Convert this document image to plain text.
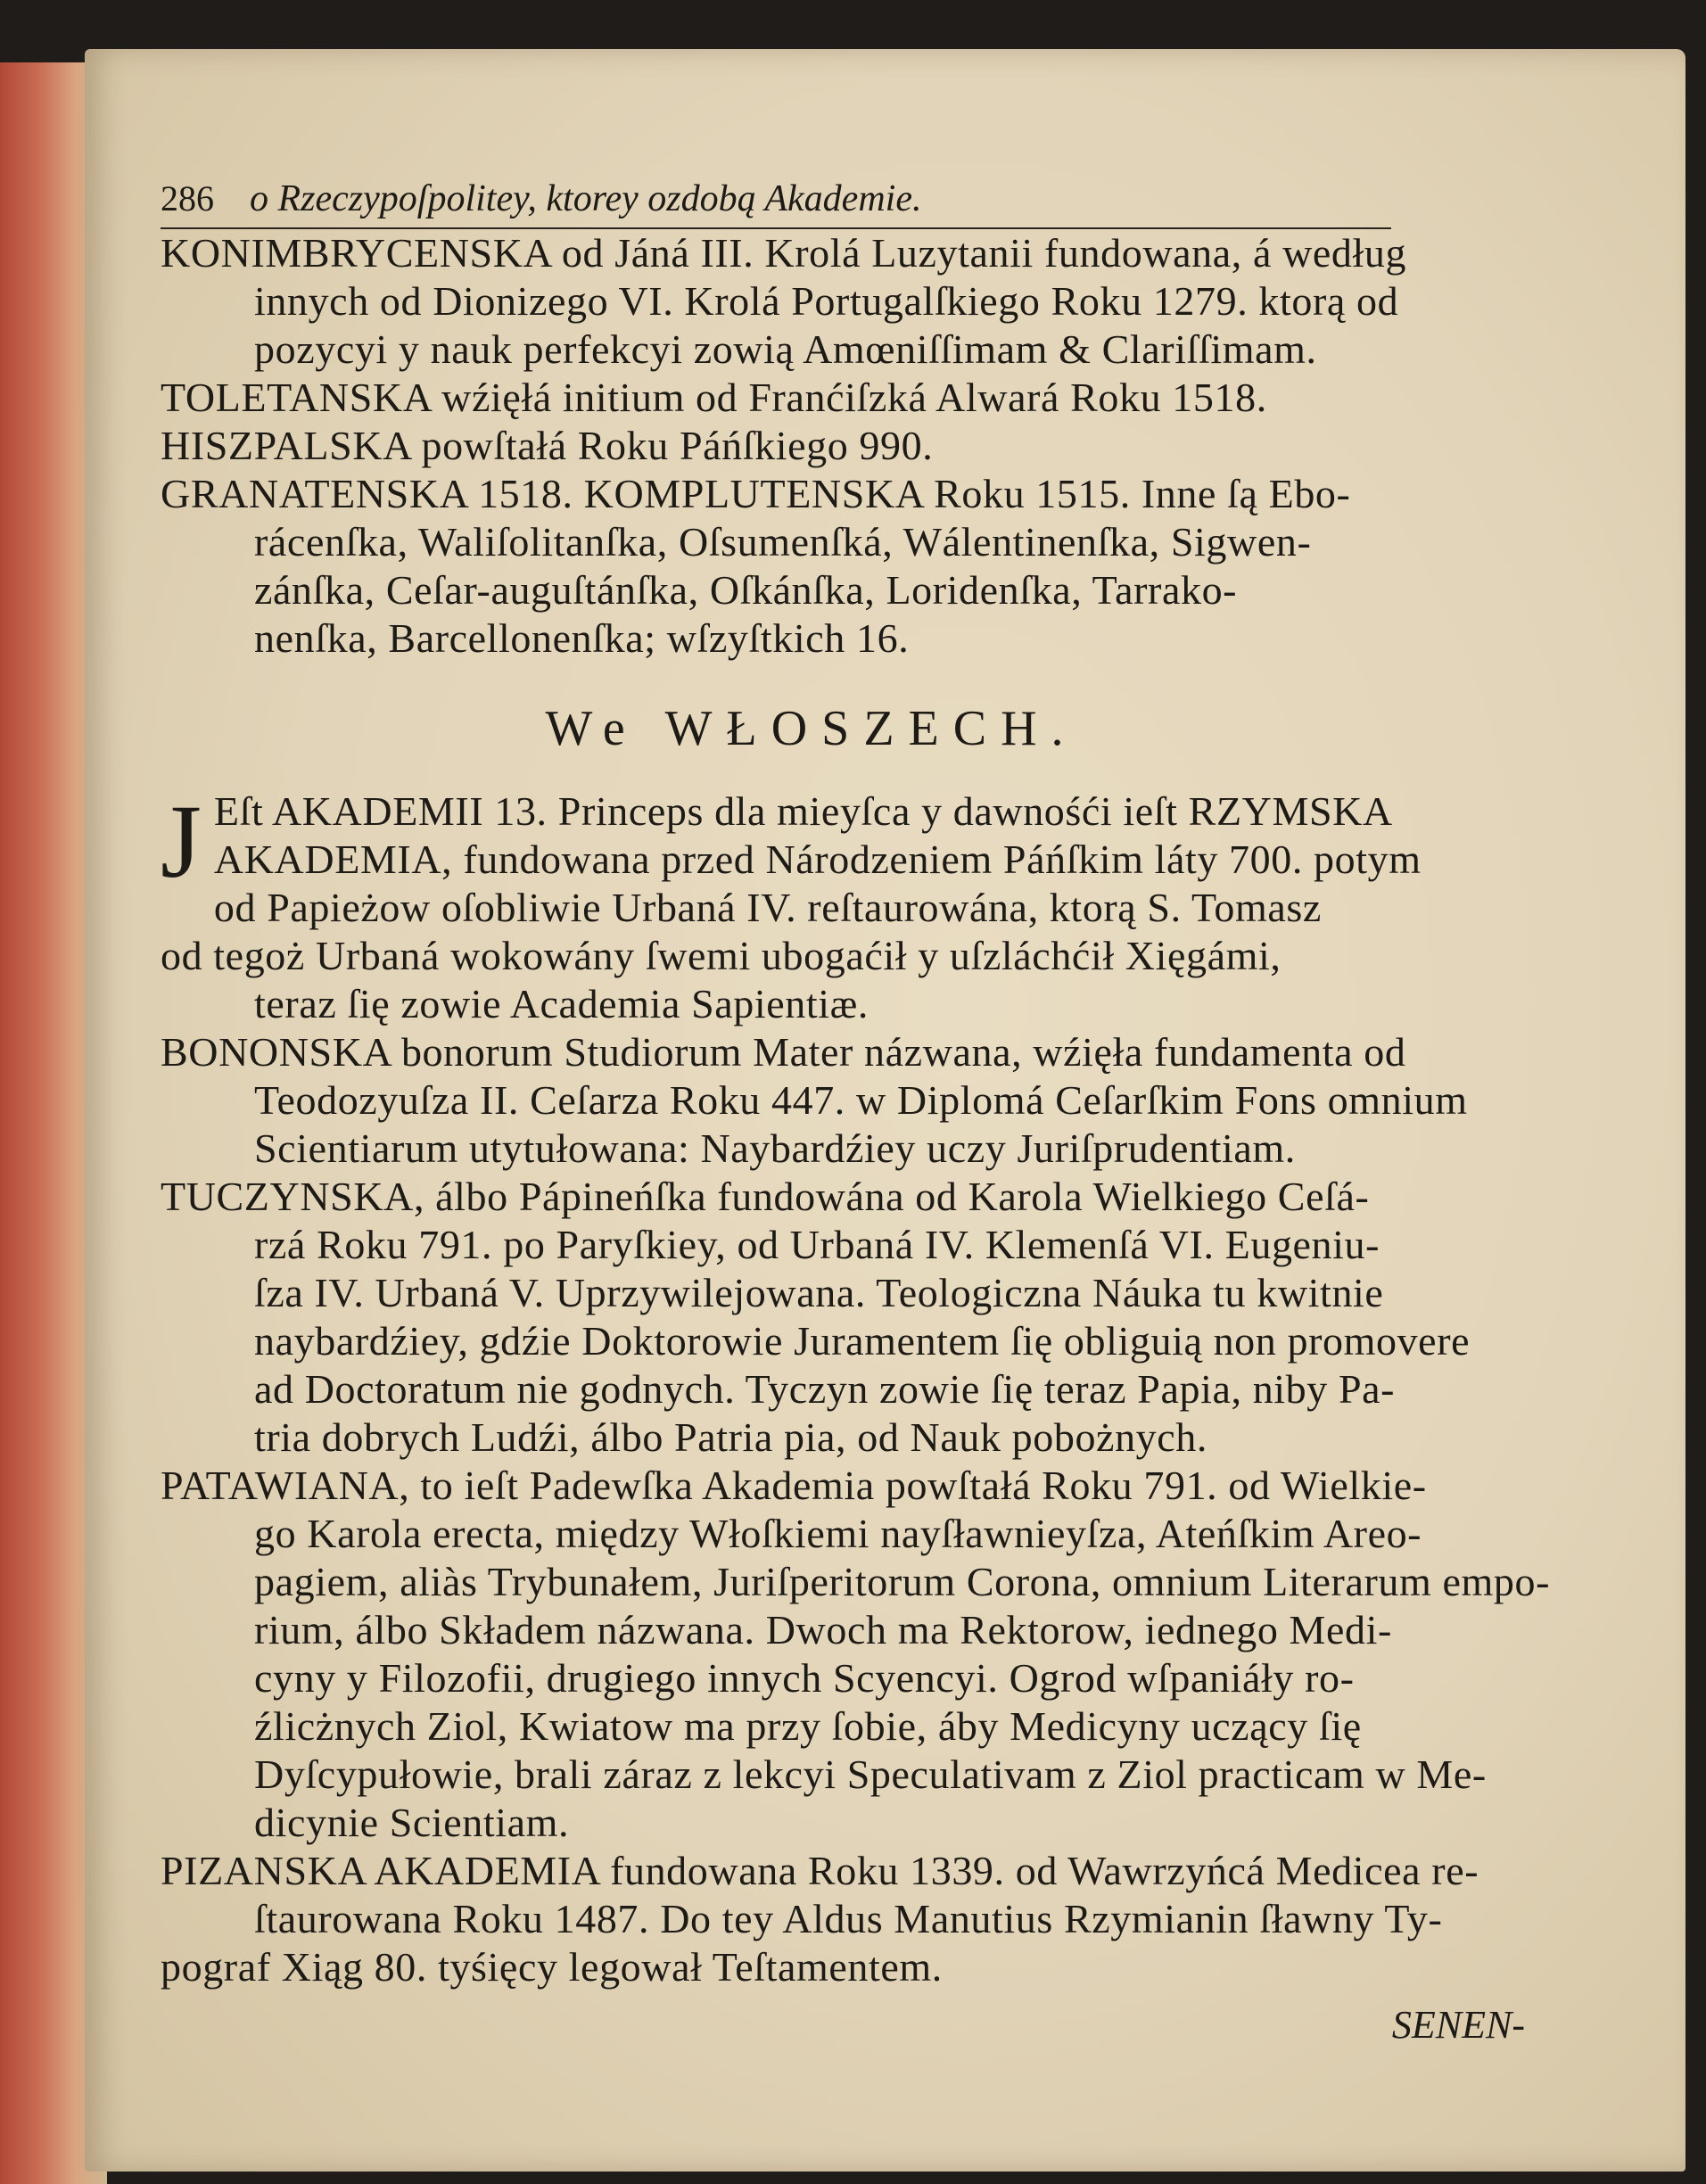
286 o Rzeczypoſpolitey, ktorey ozdobą Akademie.
KONIMBRYCENSKA od Jáná III. Krolá Luzytanii fundowana, á według
innych od Dionizego VI. Krolá Portugalſkiego Roku 1279. ktorą od
pozycyi y nauk perfekcyi zowią Amœniſſimam & Clariſſimam.
TOLETANSKA wźięłá initium od Franćiſzká Alwará Roku 1518.
HISZPALSKA powſtałá Roku Páńſkiego 990.
GRANATENSKA 1518. KOMPLUTENSKA Roku 1515. Inne ſą Ebo-
rácenſka, Waliſolitanſka, Oſsumenſká, Wálentinenſka, Sigwen-
zánſka, Ceſar-auguſtánſka, Oſkánſka, Loridenſka, Tarrako-
nenſka, Barcellonenſka; wſzyſtkich 16.
We WŁOSZECH.
J Eſt AKADEMII 13. Princeps dla mieyſca y dawnośći ieſt RZYMSKA
AKADEMIA, fundowana przed Národzeniem Páńſkim láty 700. potym
od Papieżow oſobliwie Urbaná IV. reſtaurowána, ktorą S. Tomasz
od tegoż Urbaná wokowány ſwemi ubogaćił y uſzláchćił Xięgámi,
teraz ſię zowie Academia Sapientiæ.
BONONSKA bonorum Studiorum Mater názwana, wźięła fundamenta od
Teodozyuſza II. Ceſarza Roku 447. w Diplomá Ceſarſkim Fons omnium
Scientiarum utytułowana: Naybardźiey uczy Juriſprudentiam.
TUCZYNSKA, álbo Pápineńſka fundowána od Karola Wielkiego Ceſá-
rzá Roku 791. po Paryſkiey, od Urbaná IV. Klemenſá VI. Eugeniu-
ſza IV. Urbaná V. Uprzywilejowana. Teologiczna Náuka tu kwitnie
naybardźiey, gdźie Doktorowie Juramentem ſię obliguią non promovere
ad Doctoratum nie godnych. Tyczyn zowie ſię teraz Papia, niby Pa-
tria dobrych Ludźi, álbo Patria pia, od Nauk pobożnych.
PATAWIANA, to ieſt Padewſka Akademia powſtałá Roku 791. od Wielkie-
go Karola erecta, między Włoſkiemi nayſławnieyſza, Ateńſkim Areo-
pagiem, aliàs Trybunałem, Juriſperitorum Corona, omnium Literarum empo-
rium, álbo Składem názwana. Dwoch ma Rektorow, iednego Medi-
cyny y Filozofii, drugiego innych Scyencyi. Ogrod wſpaniáły ro-
źlicżnych Ziol, Kwiatow ma przy ſobie, áby Medicyny uczący ſię
Dyſcypułowie, brali záraz z lekcyi Speculativam z Ziol practicam w Me-
dicynie Scientiam.
PIZANSKA AKADEMIA fundowana Roku 1339. od Wawrzyńcá Medicea re-
ſtaurowana Roku 1487. Do tey Aldus Manutius Rzymianin ſławny Ty-
pograf Xiąg 80. tyśięcy legował Teſtamentem.
SENEN-
